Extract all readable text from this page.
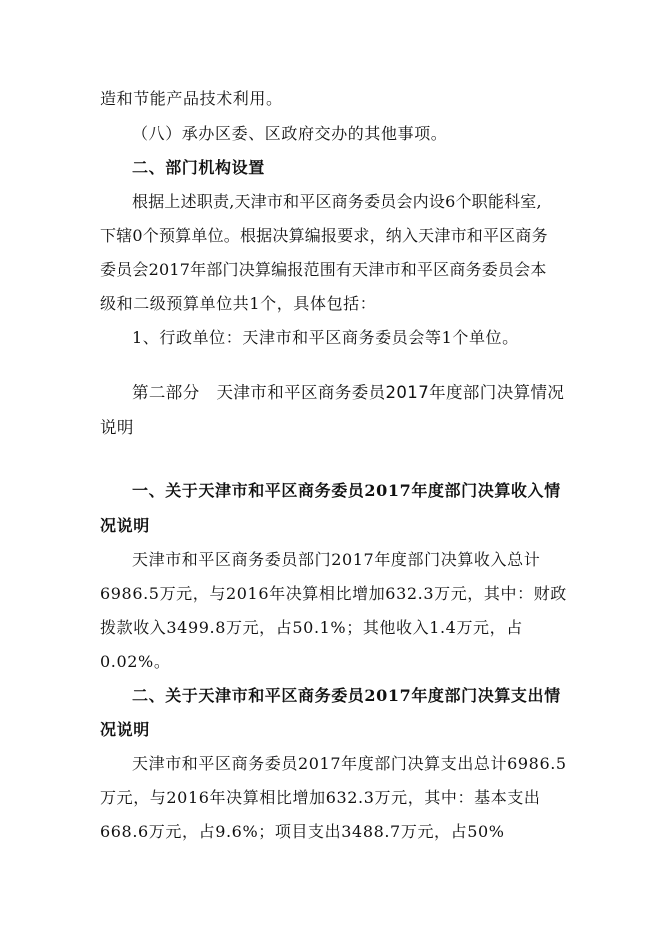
造和节能产品技术利用。
（八）承办区委、区政府交办的其他事项。
二、部门机构设置
根据上述职责,天津市和平区商务委员会内设6个职能科室,
下辖0个预算单位。根据决算编报要求，纳入天津市和平区商务
委员会2017年部门决算编报范围有天津市和平区商务委员会本
级和二级预算单位共1个，具体包括：
1、行政单位：天津市和平区商务委员会等1个单位。
第二部分　天津市和平区商务委员2017年度部门决算情况
说明
一、关于天津市和平区商务委员2017年度部门决算收入情
况说明
天津市和平区商务委员部门2017年度部门决算收入总计
6986.5万元，与2016年决算相比增加632.3万元，其中：财政
拨款收入3499.8万元，占50.1%；其他收入1.4万元，占
0.02%。
二、关于天津市和平区商务委员2017年度部门决算支出情
况说明
天津市和平区商务委员2017年度部门决算支出总计6986.5
万元，与2016年决算相比增加632.3万元，其中：基本支出
668.6万元，占9.6%；项目支出3488.7万元，占50%
